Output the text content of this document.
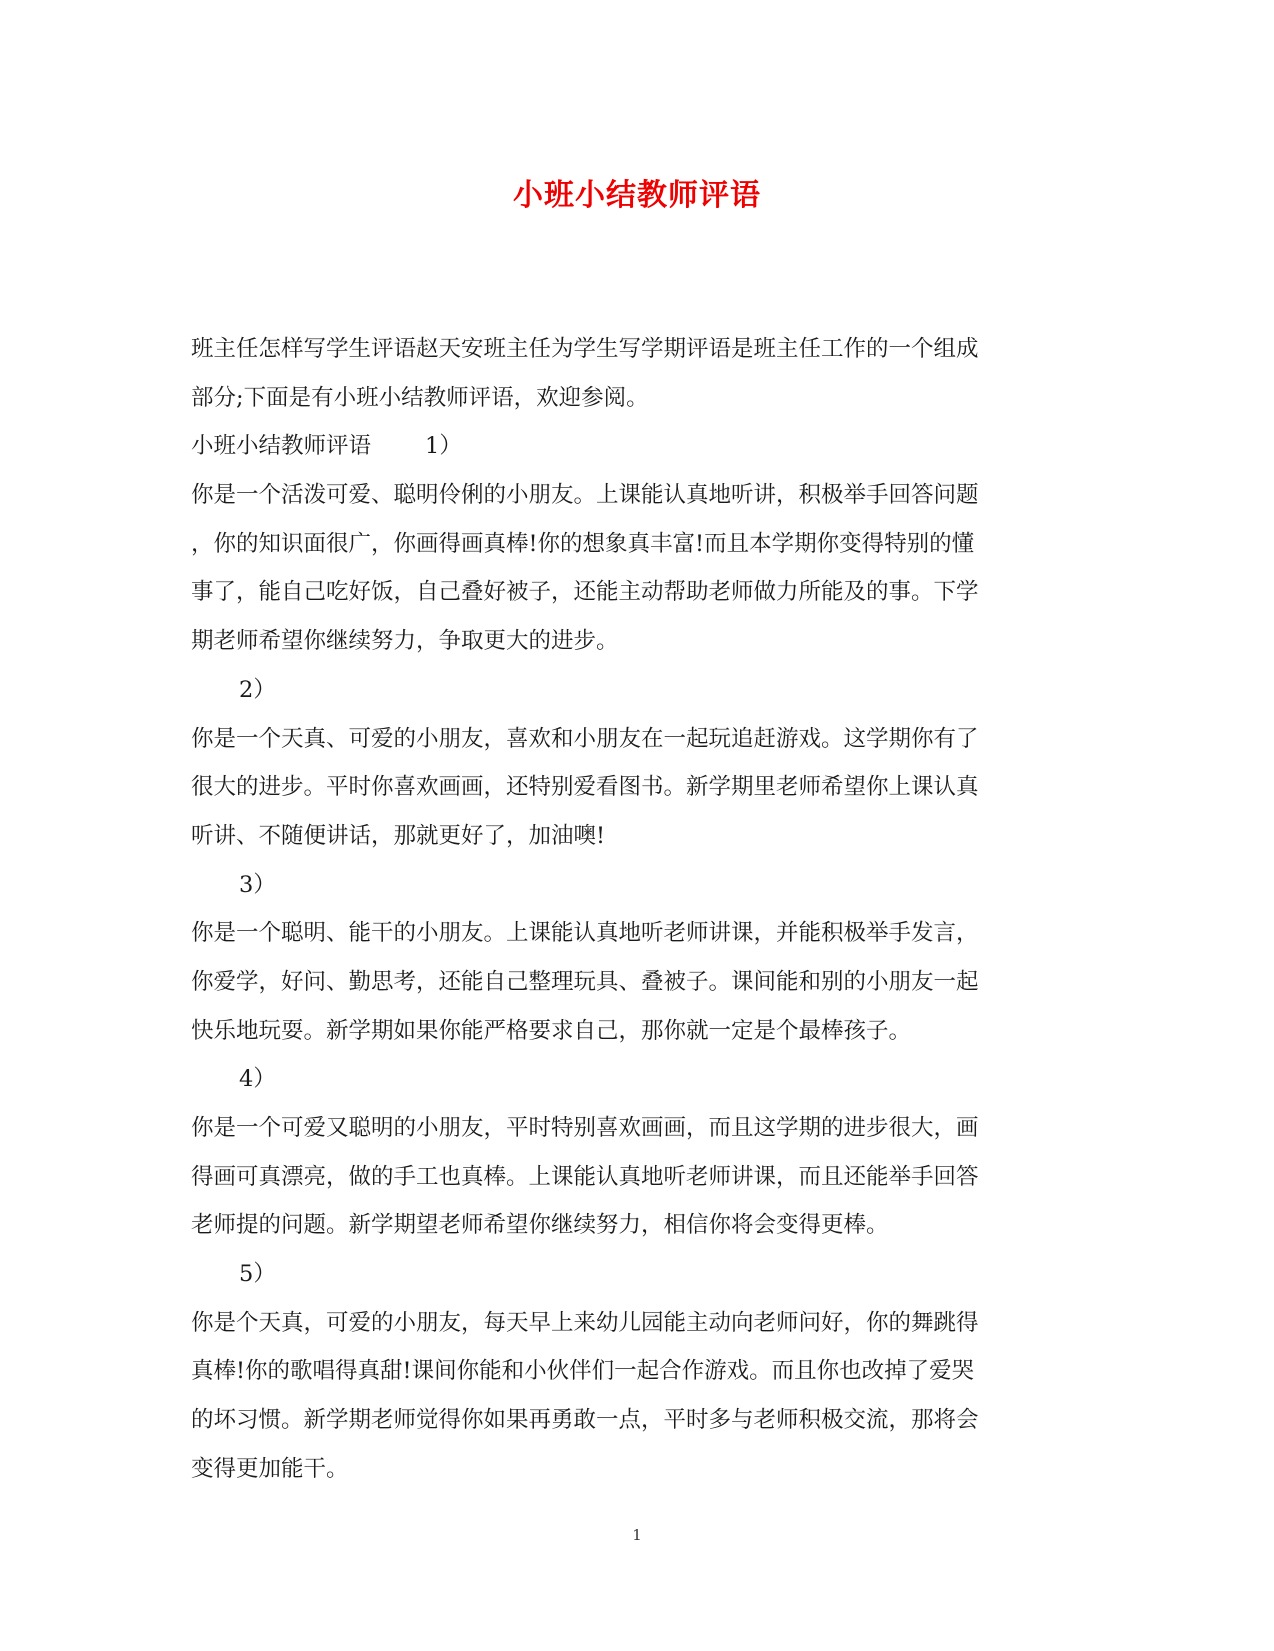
小班小结教师评语
班主任怎样写学生评语赵天安班主任为学生写学期评语是班主任工作的一个组成
部分;下面是有小班小结教师评语，欢迎参阅。
小班小结教师评语 1）
你是一个活泼可爱、聪明伶俐的小朋友。上课能认真地听讲，积极举手回答问题
，你的知识面很广，你画得画真棒!你的想象真丰富!而且本学期你变得特别的懂
事了，能自己吃好饭，自己叠好被子，还能主动帮助老师做力所能及的事。下学
期老师希望你继续努力，争取更大的进步。
2）
你是一个天真、可爱的小朋友，喜欢和小朋友在一起玩追赶游戏。这学期你有了
很大的进步。平时你喜欢画画，还特别爱看图书。新学期里老师希望你上课认真
听讲、不随便讲话，那就更好了，加油噢!
3）
你是一个聪明、能干的小朋友。上课能认真地听老师讲课，并能积极举手发言，
你爱学，好问、勤思考，还能自己整理玩具、叠被子。课间能和别的小朋友一起
快乐地玩耍。新学期如果你能严格要求自己，那你就一定是个最棒孩子。
4）
你是一个可爱又聪明的小朋友，平时特别喜欢画画，而且这学期的进步很大，画
得画可真漂亮，做的手工也真棒。上课能认真地听老师讲课，而且还能举手回答
老师提的问题。新学期望老师希望你继续努力，相信你将会变得更棒。
5）
你是个天真，可爱的小朋友，每天早上来幼儿园能主动向老师问好，你的舞跳得
真棒!你的歌唱得真甜!课间你能和小伙伴们一起合作游戏。而且你也改掉了爱哭
的坏习惯。新学期老师觉得你如果再勇敢一点，平时多与老师积极交流，那将会
变得更加能干。
1
